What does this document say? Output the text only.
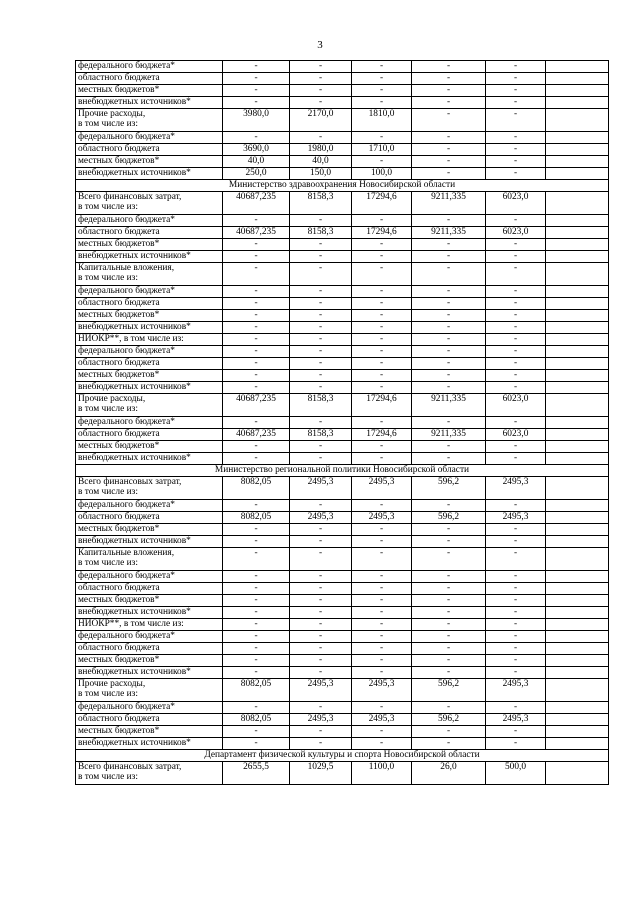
3
федерального бюджета*	-	-	-	-	-	

областного бюджета	-	-	-	-	-	

местных бюджетов*	-	-	-	-	-	

внебюджетных источников*	-	-	-	-	-	

Прочие расходы,
в том числе из:	3980,0	2170,0	1810,0	-	-	

федерального бюджета*	-	-	-	-	-	

областного бюджета	3690,0	1980,0	1710,0	-	-	

местных бюджетов*	40,0	40,0	-	-	-	

внебюджетных источников*	250,0	150,0	100,0	-	-	
Министерство здравоохранения Новосибирской области						

Всего финансовых затрат,
в том числе из:	40687,235	8158,3	17294,6	9211,335	6023,0	

федерального бюджета*	-	-	-	-	-	

областного бюджета	40687,235	8158,3	17294,6	9211,335	6023,0	

местных бюджетов*	-	-	-	-	-	

внебюджетных источников*	-	-	-	-	-	

Капитальные вложения,
в том числе из:	-	-	-	-	-	

федерального бюджета*	-	-	-	-	-	

областного бюджета	-	-	-	-	-	

местных бюджетов*	-	-	-	-	-	

внебюджетных источников*	-	-	-	-	-	

НИОКР**, в том числе из:	-	-	-	-	-	

федерального бюджета*	-	-	-	-	-	

областного бюджета	-	-	-	-	-	

местных бюджетов*	-	-	-	-	-	

внебюджетных источников*	-	-	-	-	-	

Прочие расходы,
в том числе из:	40687,235	8158,3	17294,6	9211,335	6023,0	

федерального бюджета*	-	-	-	-	-	

областного бюджета	40687,235	8158,3	17294,6	9211,335	6023,0	

местных бюджетов*	-	-	-	-	-	

внебюджетных источников*	-	-	-	-	-	
Министерство региональной политики Новосибирской области						

Всего финансовых затрат,
в том числе из:	8082,05	2495,3	2495,3	596,2	2495,3	

федерального бюджета*	-	-	-	-	-	

областного бюджета	8082,05	2495,3	2495,3	596,2	2495,3	

местных бюджетов*	-	-	-	-	-	

внебюджетных источников*	-	-	-	-	-	

Капитальные вложения,
в том числе из:	-	-	-	-	-	

федерального бюджета*	-	-	-	-	-	

областного бюджета	-	-	-	-	-	

местных бюджетов*	-	-	-	-	-	

внебюджетных источников*	-	-	-	-	-	

НИОКР**, в том числе из:	-	-	-	-	-	

федерального бюджета*	-	-	-	-	-	

областного бюджета	-	-	-	-	-	

местных бюджетов*	-	-	-	-	-	

внебюджетных источников*	-	-	-	-	-	

Прочие расходы,
в том числе из:	8082,05	2495,3	2495,3	596,2	2495,3	

федерального бюджета*	-	-	-	-	-	

областного бюджета	8082,05	2495,3	2495,3	596,2	2495,3	

местных бюджетов*	-	-	-	-	-	

внебюджетных источников*	-	-	-	-	-	
Департамент физической культуры и спорта Новосибирской области						

Всего финансовых затрат,
в том числе из:	2655,5	1029,5	1100,0	26,0	500,0	
